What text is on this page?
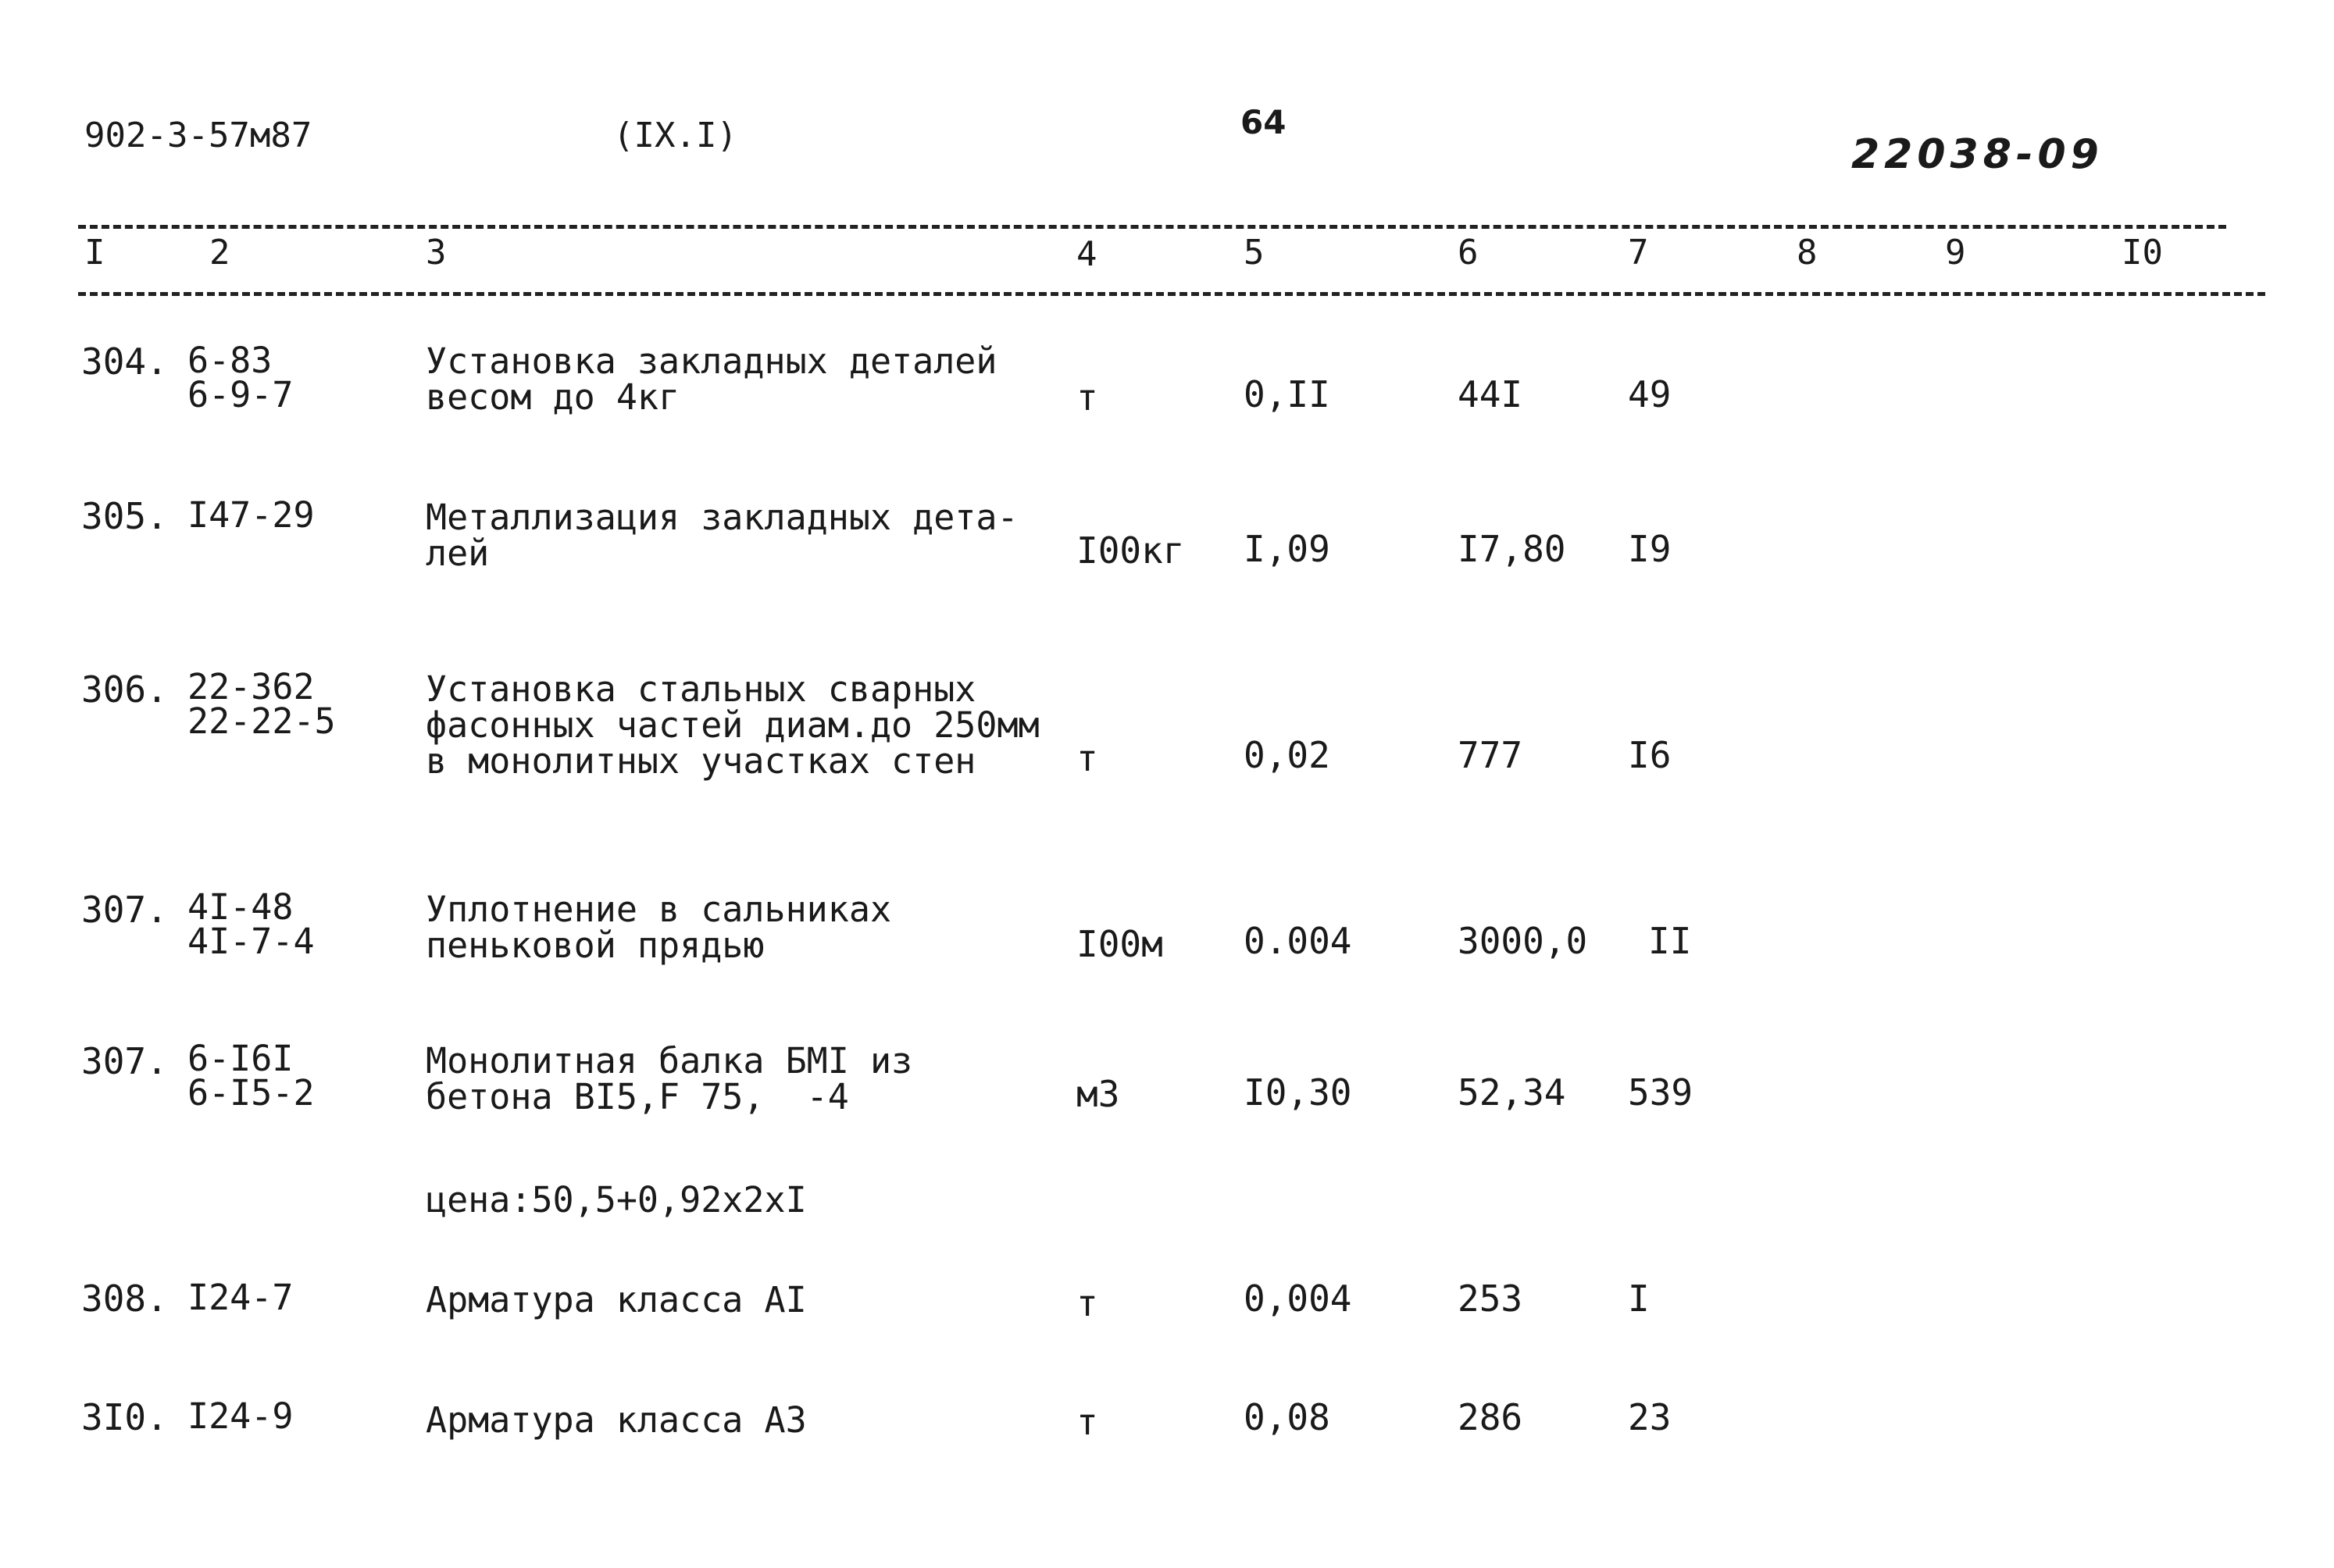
902-3-57м87	(IX.I)	64
22038-09
I	2	3	4	5	6	7	8	9	I0
304. 6-83
6-9-7
Установка закладных деталей
весом до 4кг	т	0,II	44I	49
305. I47-29	Металлизация закладных дета-
лей	I00кг I,09	I7,80 I9
306. 22-362
22-22-5
Установка стальных сварных
фасонных частей диам.до 250мм
в монолитных участках стен	т	0,02	777	I6
307. 4I-48
4I-7-4
Уплотнение в сальниках
пеньковой прядью	I00м 0.004	3000,0 II
307. 6-I6I
6-I5-2
Монолитная балка БМI из
бетона BI5,F 75,  -4	м3	I0,30	52,34 539
цена:50,5+0,92x2xI
308. I24-7	Арматура класса AI	т	0,004	253	I
3I0. I24-9	Арматура класса A3	т	0,08	286	23
